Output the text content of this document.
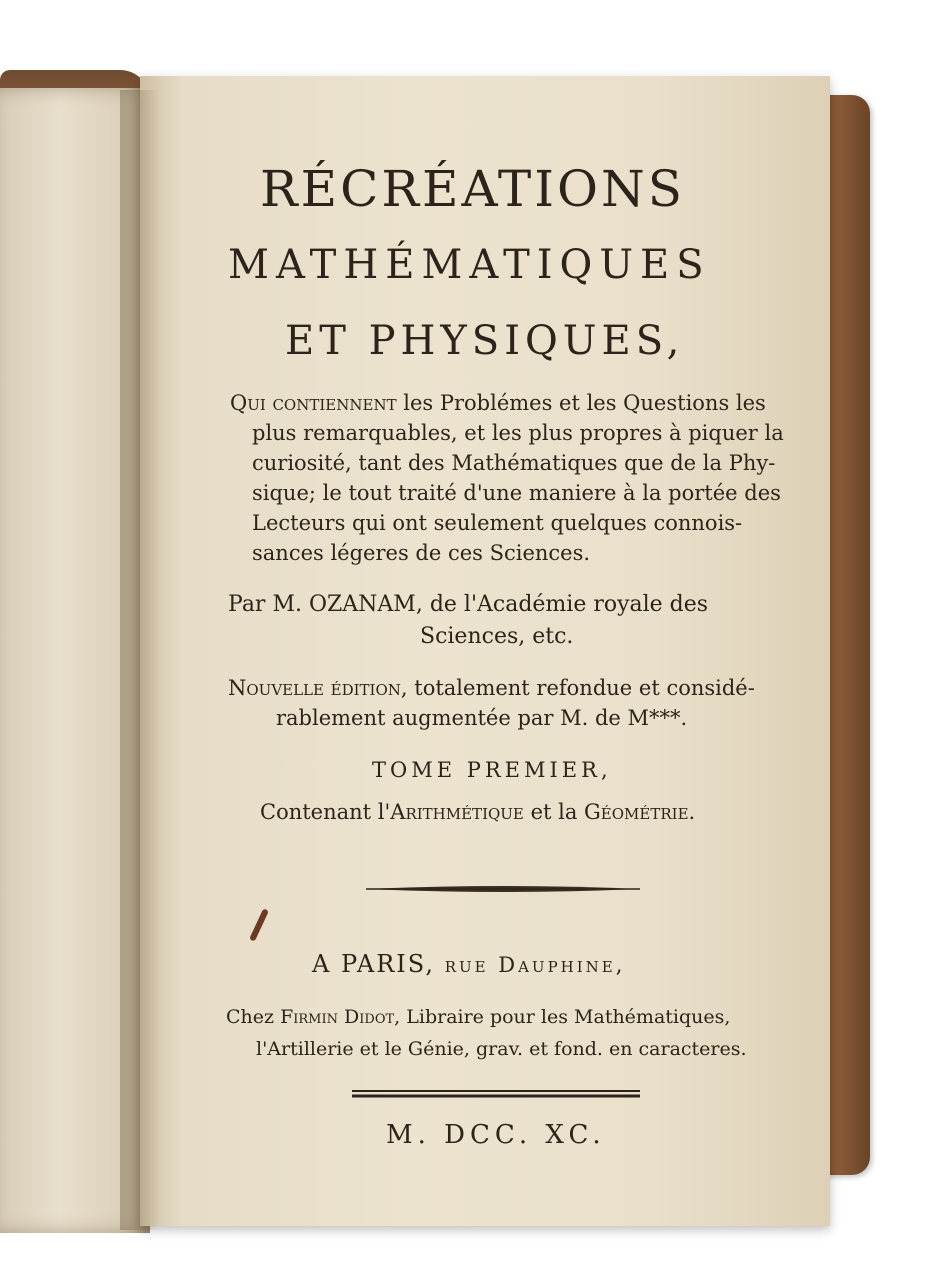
RÉCRÉATIONS
MATHÉMATIQUES
ET PHYSIQUES,
Qui contiennent les Problémes et les Questions les
plus remarquables, et les plus propres à piquer la
curiosité, tant des Mathématiques que de la Phy-
sique; le tout traité d'une maniere à la portée des
Lecteurs qui ont seulement quelques connois-
sances légeres de ces Sciences.
Par M. OZANAM, de l'Académie royale des
Sciences, etc.
Nouvelle édition, totalement refondue et considé-
rablement augmentée par M. de M***.
TOME PREMIER,
Contenant l'Arithmétique et la Géométrie.
A PARIS, rue Dauphine,
Chez Firmin Didot, Libraire pour les Mathématiques,
l'Artillerie et le Génie, grav. et fond. en caracteres.
M. DCC. XC.
